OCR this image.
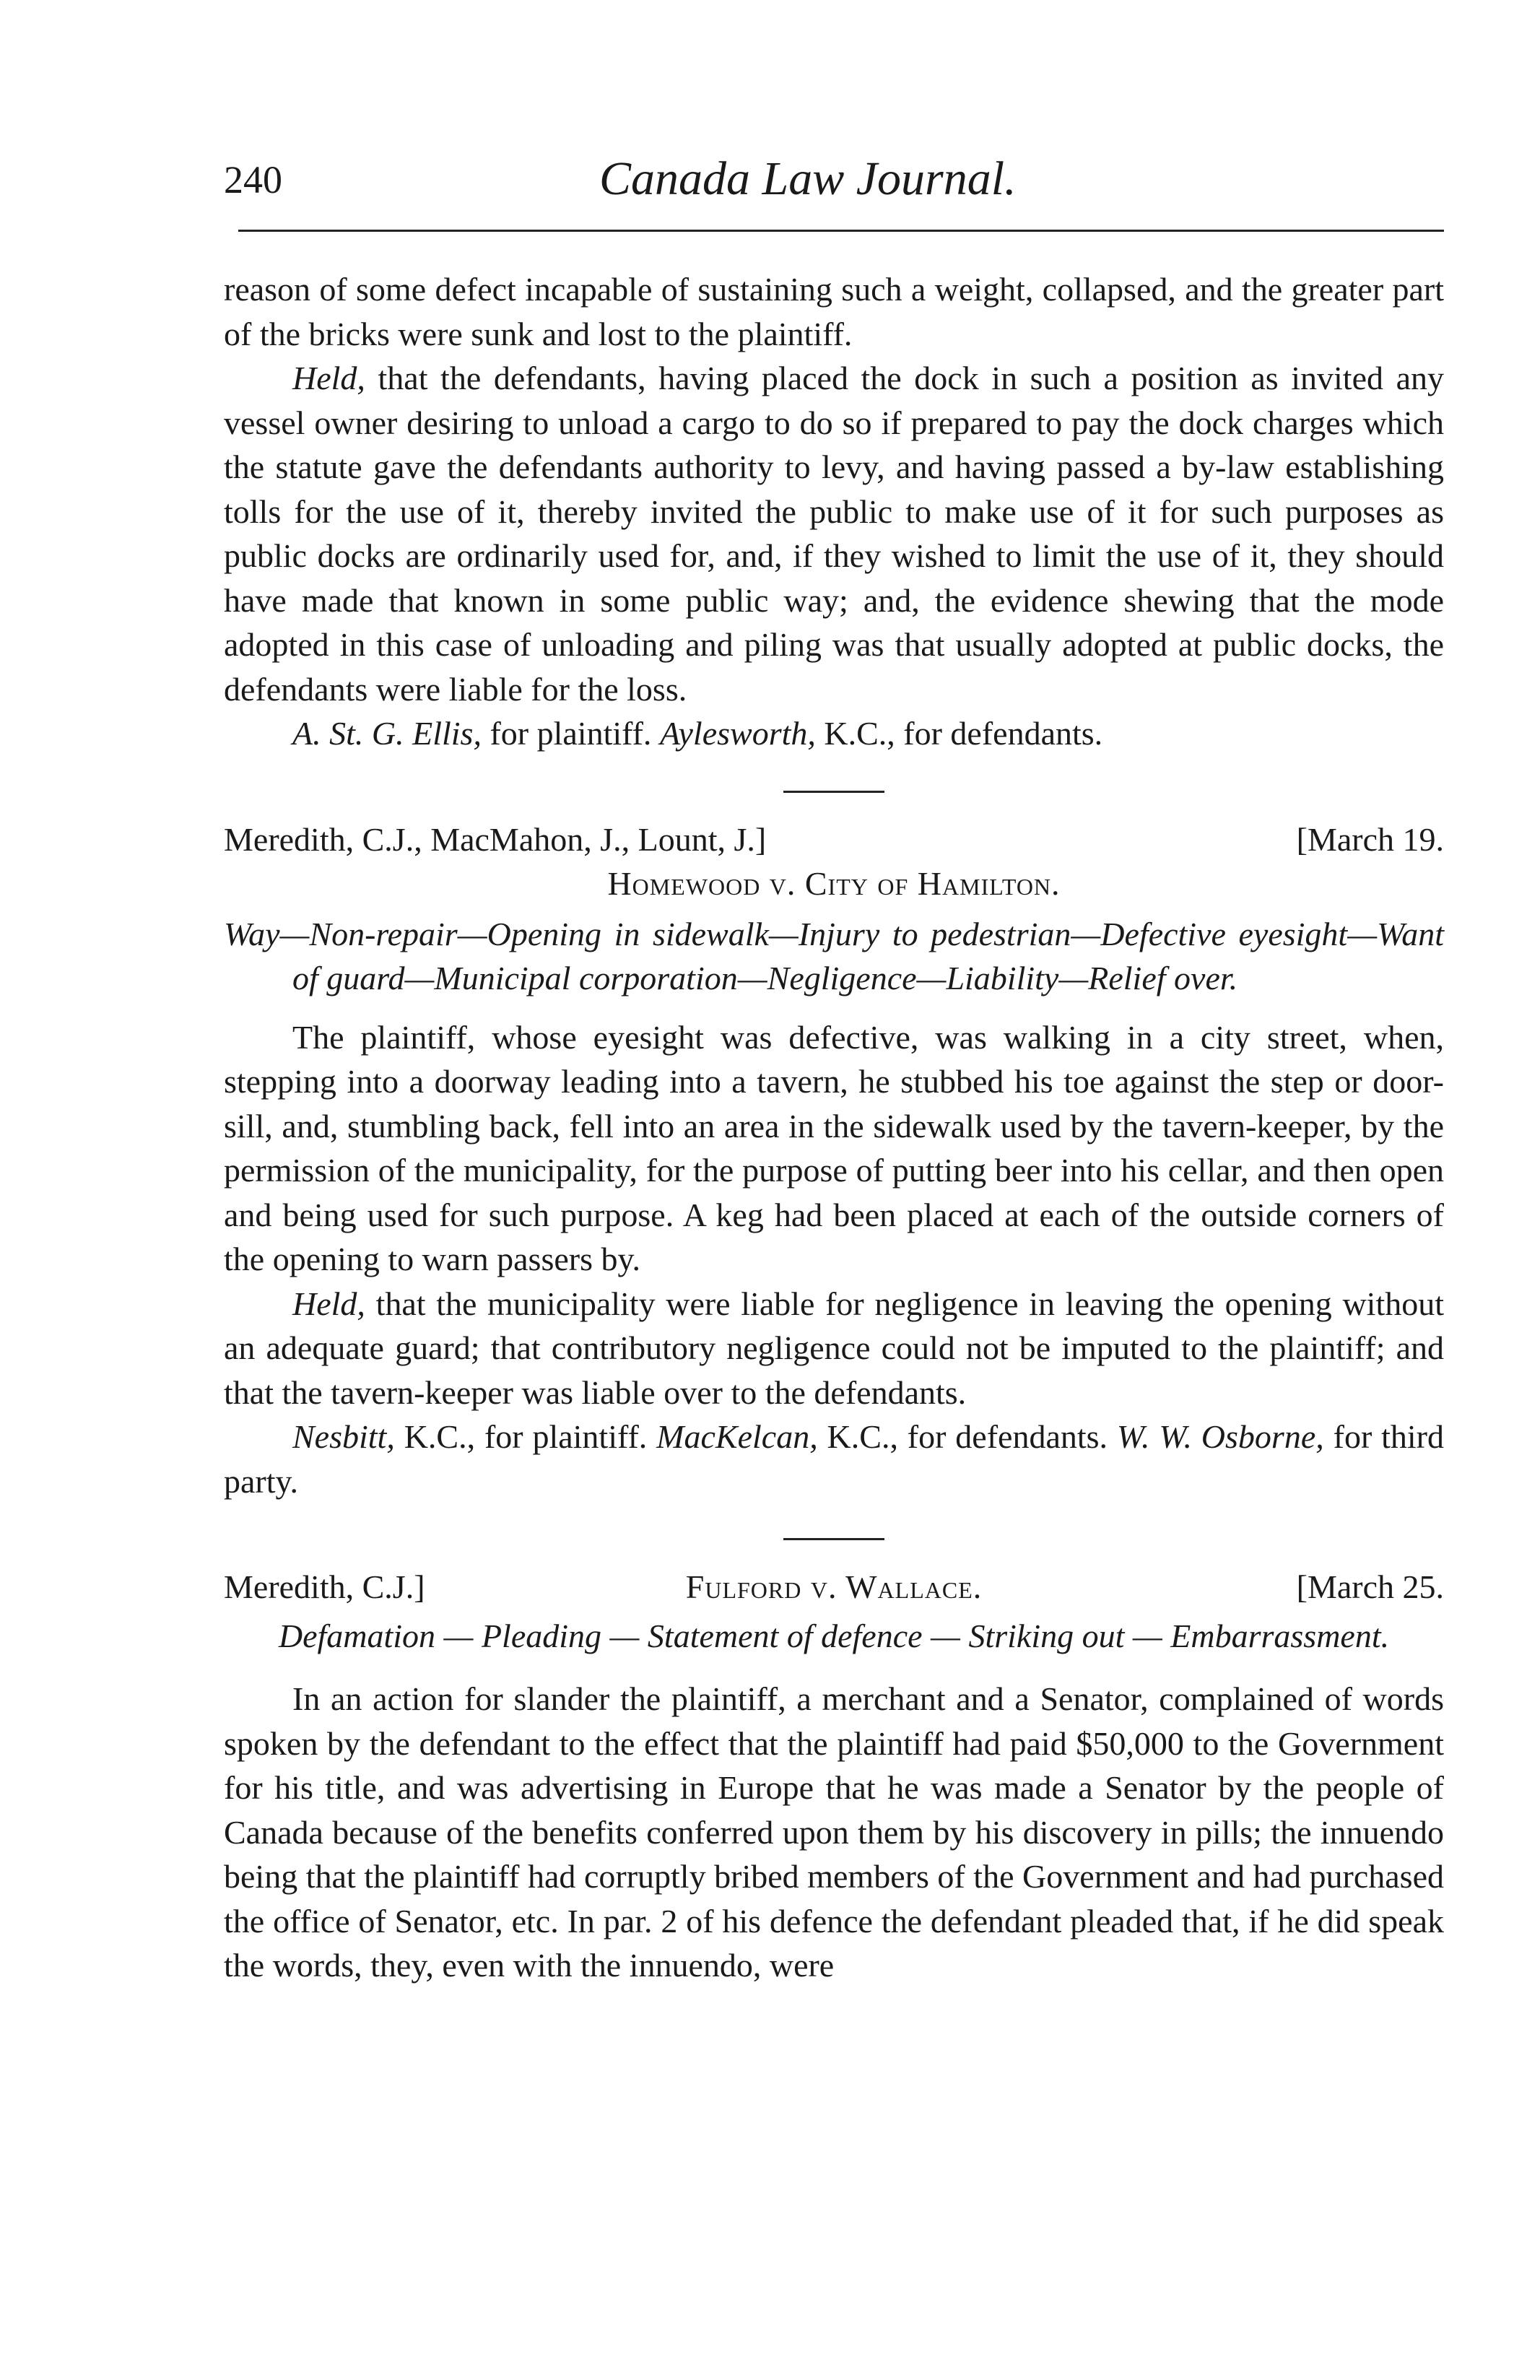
240	Canada Law Journal.

reason of some defect incapable of sustaining such a weight, collapsed, and the greater part of the bricks were sunk and lost to the plaintiff.

Held, that the defendants, having placed the dock in such a position as invited any vessel owner desiring to unload a cargo to do so if prepared to pay the dock charges which the statute gave the defendants authority to levy, and having passed a by-law establishing tolls for the use of it, thereby invited the public to make use of it for such purposes as public docks are ordinarily used for, and, if they wished to limit the use of it, they should have made that known in some public way; and, the evidence shewing that the mode adopted in this case of unloading and piling was that usually adopted at public docks, the defendants were liable for the loss.

A. St. G. Ellis, for plaintiff. Aylesworth, K.C., for defendants.

Meredith, C.J., MacMahon, J., Lount, J.]	[March 19.
Homewood v. City of Hamilton.

Way—Non-repair—Opening in sidewalk—Injury to pedestrian—Defective eyesight—Want of guard—Municipal corporation—Negligence—Liability—Relief over.

The plaintiff, whose eyesight was defective, was walking in a city street, when, stepping into a doorway leading into a tavern, he stubbed his toe against the step or door-sill, and, stumbling back, fell into an area in the sidewalk used by the tavern-keeper, by the permission of the municipality, for the purpose of putting beer into his cellar, and then open and being used for such purpose. A keg had been placed at each of the outside corners of the opening to warn passers by.

Held, that the municipality were liable for negligence in leaving the opening without an adequate guard; that contributory negligence could not be imputed to the plaintiff; and that the tavern-keeper was liable over to the defendants.

Nesbitt, K.C., for plaintiff. MacKelcan, K.C., for defendants. W. W. Osborne, for third party.

Meredith, C.J.]	Fulford v. Wallace.	[March 25.

Defamation — Pleading — Statement of defence — Striking out — Embarrassment.

In an action for slander the plaintiff, a merchant and a Senator, complained of words spoken by the defendant to the effect that the plaintiff had paid $50,000 to the Government for his title, and was advertising in Europe that he was made a Senator by the people of Canada because of the benefits conferred upon them by his discovery in pills; the innuendo being that the plaintiff had corruptly bribed members of the Government and had purchased the office of Senator, etc. In par. 2 of his defence the defendant pleaded that, if he did speak the words, they, even with the innuendo, were
